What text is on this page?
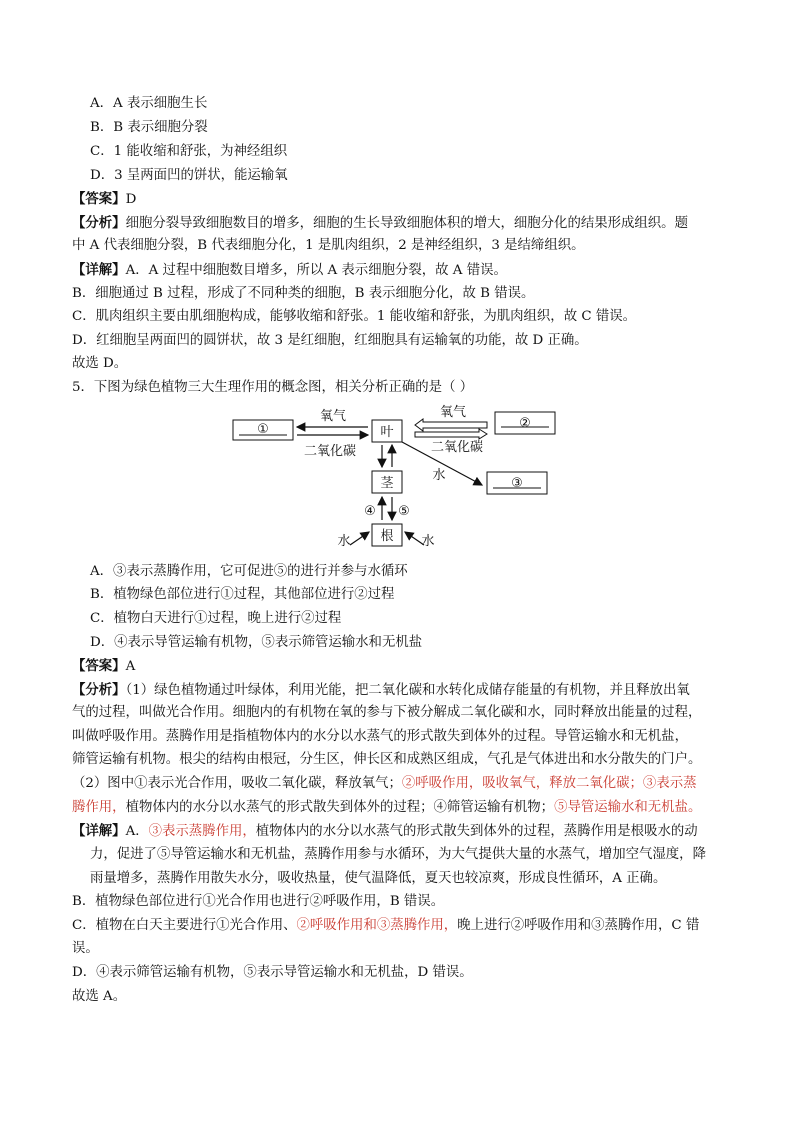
A．A 表示细胞生长
B．B 表示细胞分裂
C．1 能收缩和舒张，为神经组织
D．3 呈两面凹的饼状，能运输氧
【答案】D
【分析】细胞分裂导致细胞数目的增多，细胞的生长导致细胞体积的增大，细胞分化的结果形成组织。题
中 A 代表细胞分裂，B 代表细胞分化，1 是肌肉组织，2 是神经组织，3 是结缔组织。
【详解】A．A 过程中细胞数目增多，所以 A 表示细胞分裂，故 A 错误。
B．细胞通过 B 过程，形成了不同种类的细胞，B 表示细胞分化，故 B 错误。
C．肌肉组织主要由肌细胞构成，能够收缩和舒张。1 能收缩和舒张，为肌肉组织，故 C 错误。
D．红细胞呈两面凹的圆饼状，故 3 是红细胞，红细胞具有运输氧的功能，故 D 正确。
故选 D。
5．下图为绿色植物三大生理作用的概念图，相关分析正确的是（ ）
①	叶
氧气
二氧化碳
②
氧气
二氧化碳
水
③
茎
④ ⑤
根
水	水
A．③表示蒸腾作用，它可促进⑤的进行并参与水循环
B．植物绿色部位进行①过程，其他部位进行②过程
C．植物白天进行①过程，晚上进行②过程
D．④表示导管运输有机物，⑤表示筛管运输水和无机盐
【答案】A
【分析】（1）绿色植物通过叶绿体，利用光能，把二氧化碳和水转化成储存能量的有机物，并且释放出氧
气的过程，叫做光合作用。细胞内的有机物在氧的参与下被分解成二氧化碳和水，同时释放出能量的过程，
叫做呼吸作用。蒸腾作用是指植物体内的水分以水蒸气的形式散失到体外的过程。导管运输水和无机盐，
筛管运输有机物。根尖的结构由根冠，分生区，伸长区和成熟区组成，气孔是气体进出和水分散失的门户。
（2）图中①表示光合作用，吸收二氧化碳，释放氧气；②呼吸作用，吸收氧气，释放二氧化碳；③表示蒸
腾作用，植物体内的水分以水蒸气的形式散失到体外的过程；④筛管运输有机物；⑤导管运输水和无机盐。
【详解】A．③表示蒸腾作用，植物体内的水分以水蒸气的形式散失到体外的过程，蒸腾作用是根吸水的动
力，促进了⑤导管运输水和无机盐，蒸腾作用参与水循环，为大气提供大量的水蒸气，增加空气湿度，降
雨量增多，蒸腾作用散失水分，吸收热量，使气温降低，夏天也较凉爽，形成良性循环，A 正确。
B．植物绿色部位进行①光合作用也进行②呼吸作用，B 错误。
C．植物在白天主要进行①光合作用、②呼吸作用和③蒸腾作用，晚上进行②呼吸作用和③蒸腾作用，C 错
误。
D．④表示筛管运输有机物，⑤表示导管运输水和无机盐，D 错误。
故选 A。
